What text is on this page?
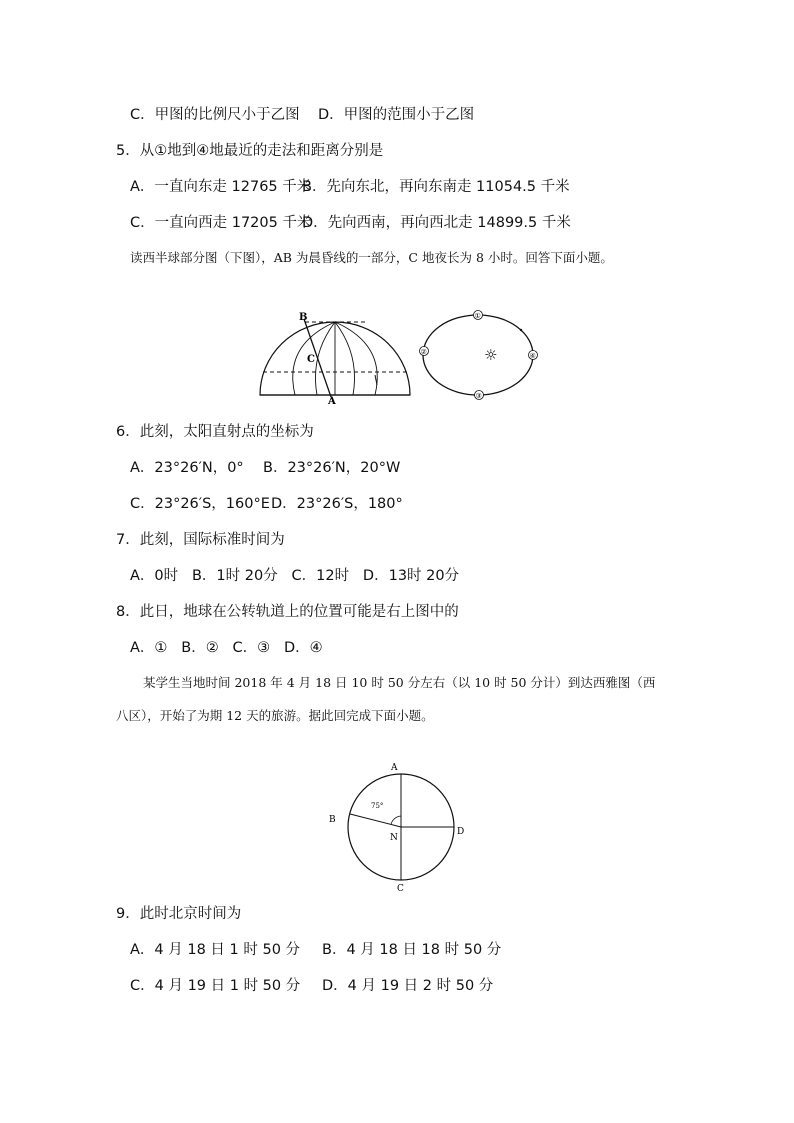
C．甲图的比例尺小于乙图 D．甲图的范围小于乙图
5．从①地到④地最近的走法和距离分别是
A．一直向东走 12765 千米
B．先向东北，再向东南走 11054.5 千米
C．一直向西走 17205 千米
D．先向西南，再向西北走 14899.5 千米
读西半球部分图（下图），AB 为晨昏线的一部分，C 地夜长为 8 小时。回答下面小题。
B
C
A
①
②	④
③
☼
6．此刻，太阳直射点的坐标为
A．23°26′N，0° B．23°26′N，20°W
C．23°26′S，160°E D．23°26′S，180°
7．此刻，国际标准时间为
A．0时   B．1时 20分   C．12时   D．13时 20分
8．此日，地球在公转轨道上的位置可能是右上图中的
A．①   B．②   C．③   D．④
某学生当地时间 2018 年 4 月 18 日 10 时 50 分左右（以 10 时 50 分计）到达西雅图（西
八区），开始了为期 12 天的旅游。据此回完成下面小题。
75°
A
B
D
C
N
9．此时北京时间为
A．4 月 18 日 1 时 50 分 B．4 月 18 日 18 时 50 分
C．4 月 19 日 1 时 50 分 D．4 月 19 日 2 时 50 分
